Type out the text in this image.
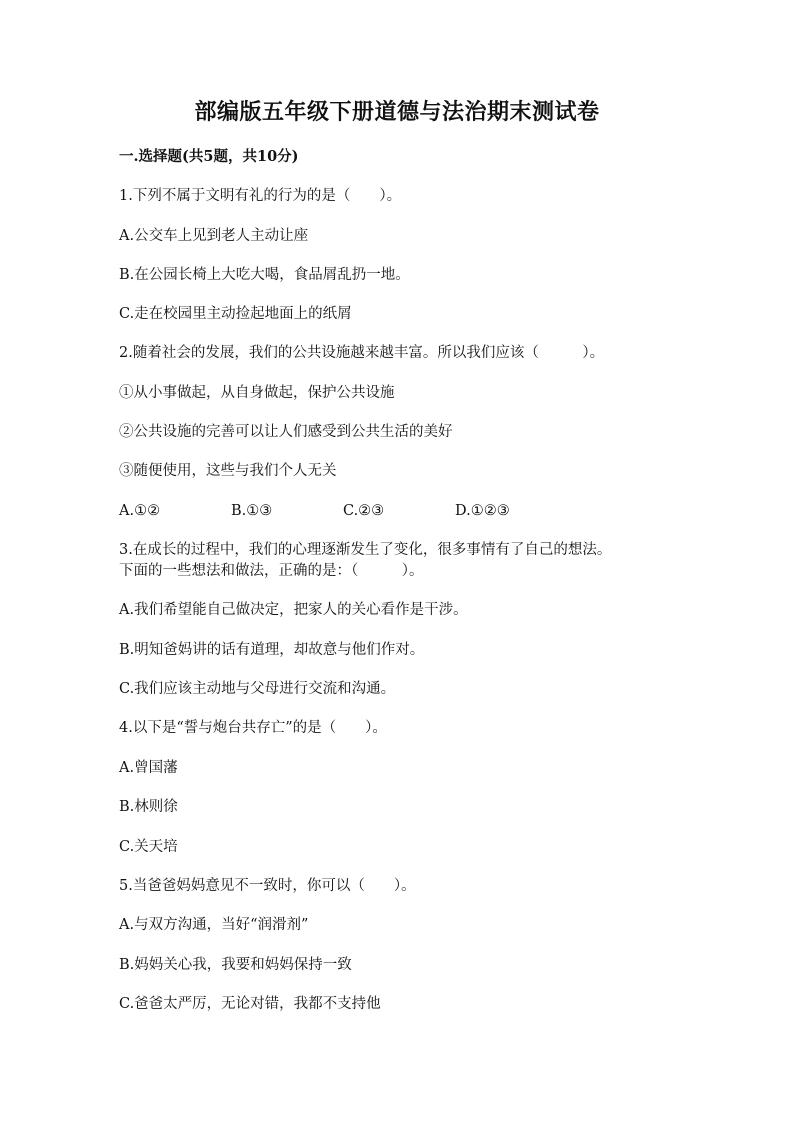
部编版五年级下册道德与法治期末测试卷
一.选择题(共5题，共10分)
1.下列不属于文明有礼的行为的是（　　）。
A.公交车上见到老人主动让座
B.在公园长椅上大吃大喝，食品屑乱扔一地。
C.走在校园里主动捡起地面上的纸屑
2.随着社会的发展，我们的公共设施越来越丰富。所以我们应该（　　　）。
①从小事做起，从自身做起，保护公共设施
②公共设施的完善可以让人们感受到公共生活的美好
③随便使用，这些与我们个人无关
A.①②	B.①③	C.②③	D.①②③
3.在成长的过程中，我们的心理逐渐发生了变化，很多事情有了自己的想法。
下面的一些想法和做法，正确的是：（　　　）。
A.我们希望能自己做决定，把家人的关心看作是干涉。
B.明知爸妈讲的话有道理，却故意与他们作对。
C.我们应该主动地与父母进行交流和沟通。
4.以下是“誓与炮台共存亡”的是（　　）。
A.曾国藩
B.林则徐
C.关天培
5.当爸爸妈妈意见不一致时，你可以（　　）。
A.与双方沟通，当好“润滑剂”
B.妈妈关心我，我要和妈妈保持一致
C.爸爸太严厉，无论对错，我都不支持他
